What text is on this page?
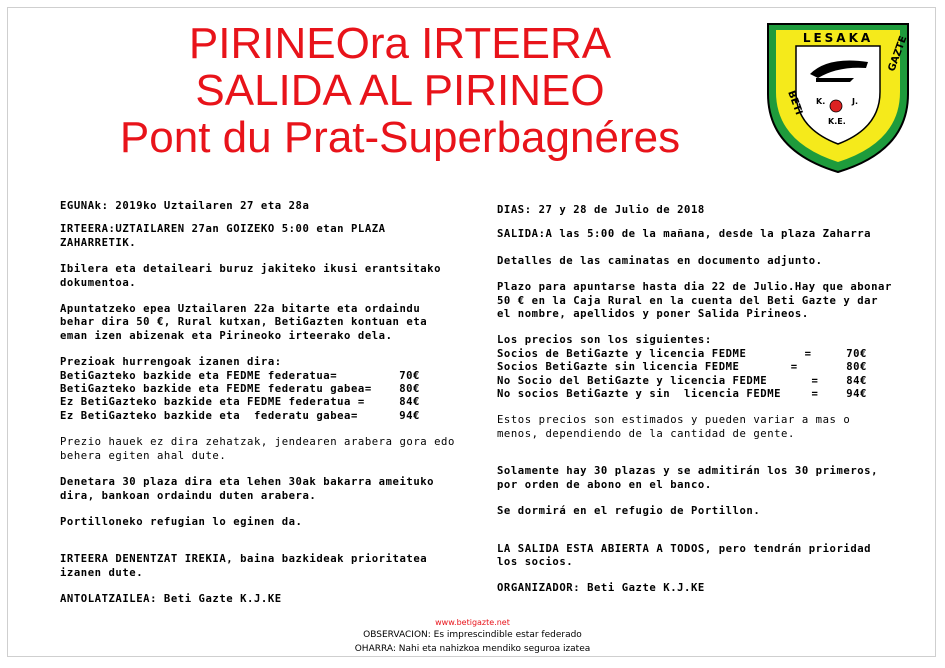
PIRINEOra IRTEERA
SALIDA AL PIRINEO
Pont du Prat-Superbagnéres
LESAKA
BETI
GAZTE
K.	J.
K.E.

EGUNAk: 2019ko Uztailaren 27 eta 28a

IRTEERA:UZTAILAREN 27an GOIZEKO 5:00 etan PLAZA ZAHARRETIK.

Ibilera eta detaileari buruz jakiteko ikusi erantsitako dokumentoa.

Apuntatzeko epea Uztailaren 22a bitarte eta ordaindu behar dira 50 €, Rural kutxan, BetiGazten kontuan eta eman izen abizenak eta Pirineoko irteerako dela.

Prezioak hurrengoak izanen dira:
BetiGazteko bazkide eta FEDME federatua=	70€
BetiGazteko bazkide eta FEDME federatu gabea=	80€
Ez BetiGazteko bazkide eta FEDME federatua =	84€
Ez BetiGazteko bazkide eta  federatu gabea=	94€

Prezio hauek ez dira zehatzak, jendearen arabera gora edo behera egiten ahal dute.

Denetara 30 plaza dira eta lehen 30ak bakarra ameituko dira, bankoan ordaindu duten arabera.

Portilloneko refugian lo eginen da.

IRTEERA DENENTZAT IREKIA, baina bazkideak prioritatea izanen dute.

ANTOLATZAILEA: Beti Gazte K.J.KE

DIAS: 27 y 28 de Julio de 2018

SALIDA:A las 5:00 de la mañana, desde la plaza Zaharra

Detalles de las caminatas en documento adjunto.

Plazo para apuntarse hasta dia 22 de Julio.Hay que abonar 50 € en la Caja Rural en la cuenta del Beti Gazte y dar el nombre, apellidos y poner Salida Pirineos.

Los precios son los siguientes:
Socios de BetiGazte y licencia FEDME	=	70€
Socios BetiGazte sin licencia FEDME	=	80€
No Socio del BetiGazte y licencia FEDME	=	84€
No socios BetiGazte y sin  licencia FEDME	=	94€

Estos precios son estimados y pueden variar a mas o menos, dependiendo de la cantidad de gente.

Solamente hay 30 plazas y se admitirán los 30 primeros, por orden de abono en el banco.

Se dormirá en el refugio de Portillon.

LA SALIDA ESTA ABIERTA A TODOS, pero tendrán prioridad los socios.

ORGANIZADOR: Beti Gazte K.J.KE

www.betigazte.net
OBSERVACION: Es imprescindible estar federado
OHARRA: Nahi eta nahizkoa mendiko seguroa izatea
